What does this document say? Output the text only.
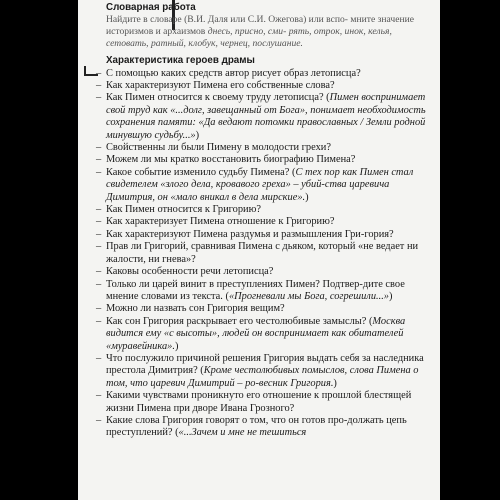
Словарная работа
Найдите в словаре (В.И. Даля или С.И. Ожегова) или вспо- мните значение историзмов и архаизмов днесь, присно, сми- рять, отрок, инок, келья, сетовать, ратный, клобук, чернец, послушание.
Характеристика героев драмы
– С помощью каких средств автор рисует образ летописца?
– Как характеризуют Пимена его собственные слова?
– Как Пимен относится к своему труду летописца? (Пимен воспринимает свой труд как «...долг, завещанный от Бога», понимает необходимость сохранения памяти: «Да ведают потомки православных / Земли родной минувшую судьбу...»)
– Свойственны ли были Пимену в молодости грехи?
– Можем ли мы кратко восстановить биографию Пимена?
– Какое событие изменило судьбу Пимена? (С тех пор как Пимен стал свидетелем «злого дела, кровавого греха» – убий-ства царевича Димитрия, он «мало вникал в дела мирские».)
– Как Пимен относится к Григорию?
– Как характеризует Пимена отношение к Григорию?
– Как характеризуют Пимена раздумья и размышления Гри-гория?
– Прав ли Григорий, сравнивая Пимена с дьяком, который «не ведает ни жалости, ни гнева»?
– Каковы особенности речи летописца?
– Только ли царей винит в преступлениях Пимен? Подтвер-дите свое мнение словами из текста. («Прогневали мы Бога, согрешили...»)
– Можно ли назвать сон Григория вещим?
– Как сон Григория раскрывает его честолюбивые замыслы? (Москва видится ему «с высоты», людей он воспринимает как обитателей «муравейника».)
– Что послужило причиной решения Григория выдать себя за наследника престола Димитрия? (Кроме честолюбивых помыслов, слова Пимена о том, что царевич Димитрий – ро-весник Григория.)
– Какими чувствами проникнуто его отношение к прошлой блестящей жизни Пимена при дворе Ивана Грозного?
– Какие слова Григория говорят о том, что он готов про-должать цепь преступлений? («...Зачем и мне не тешиться
